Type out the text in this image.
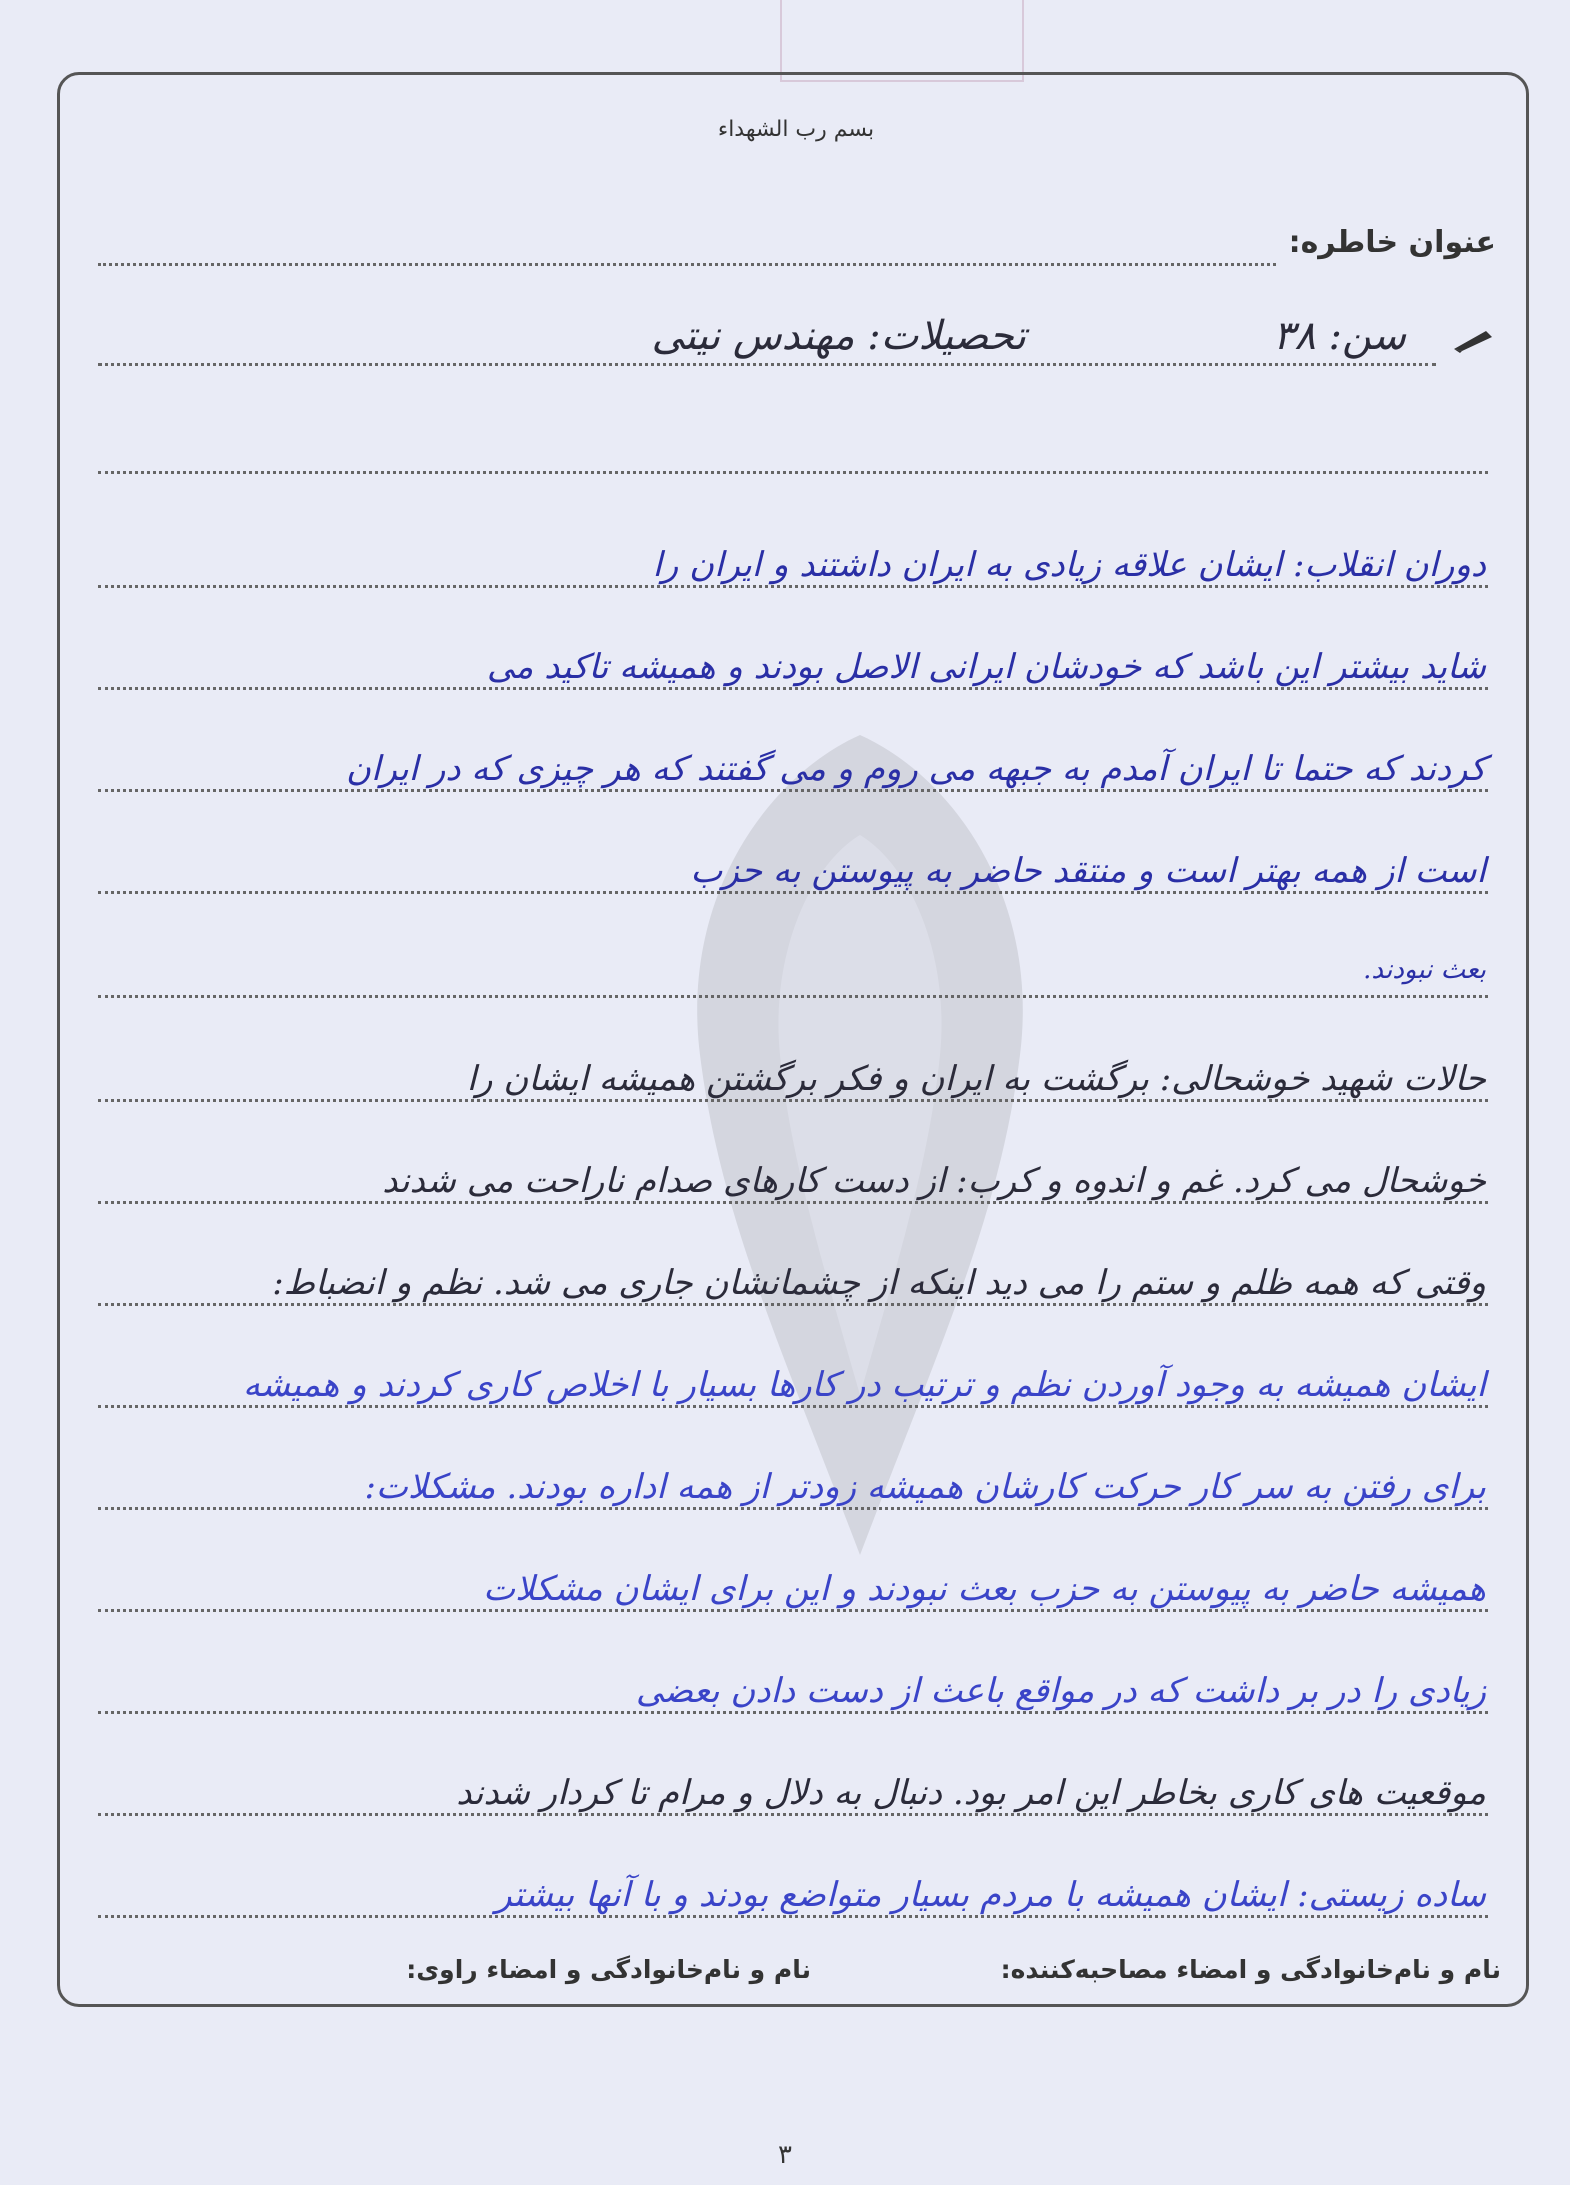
بسم رب الشهداء
عنوان خاطره:
سن: ۳۸
تحصیلات: مهندس نیتی
دوران انقلاب: ایشان علاقه زیادی به ایران داشتند و ایران را
شاید بیشتر این باشد که خودشان ایرانی الاصل بودند و همیشه تاکید می
کردند که حتما تا ایران آمدم به جبهه می روم و می گفتند که هر چیزی که در ایران
است از همه بهتر است و منتقد حاضر به پیوستن به حزب
بعث نبودند.
حالات شهید خوشحالی: برگشت به ایران و فکر برگشتن همیشه ایشان را
خوشحال می کرد. غم و اندوه و کرب: از دست کارهای صدام ناراحت می شدند
وقتی که همه ظلم و ستم را می دید اینکه از چشمانشان جاری می شد. نظم و انضباط:
ایشان همیشه به وجود آوردن نظم و ترتیب در کارها بسیار با اخلاص کاری کردند و همیشه
برای رفتن به سر کار حرکت کارشان همیشه زودتر از همه اداره بودند. مشکلات:
همیشه حاضر به پیوستن به حزب بعث نبودند و این برای ایشان مشکلات
زیادی را در بر داشت که در مواقع باعث از دست دادن بعضی
موقعیت های کاری بخاطر این امر بود. دنبال به دلال و مرام تا کردار شدند
ساده زیستی: ایشان همیشه با مردم بسیار متواضع بودند و با آنها بیشتر
نام و نام‌خانوادگی و امضاء مصاحبه‌کننده:
نام و نام‌خانوادگی و امضاء راوی:
۳
